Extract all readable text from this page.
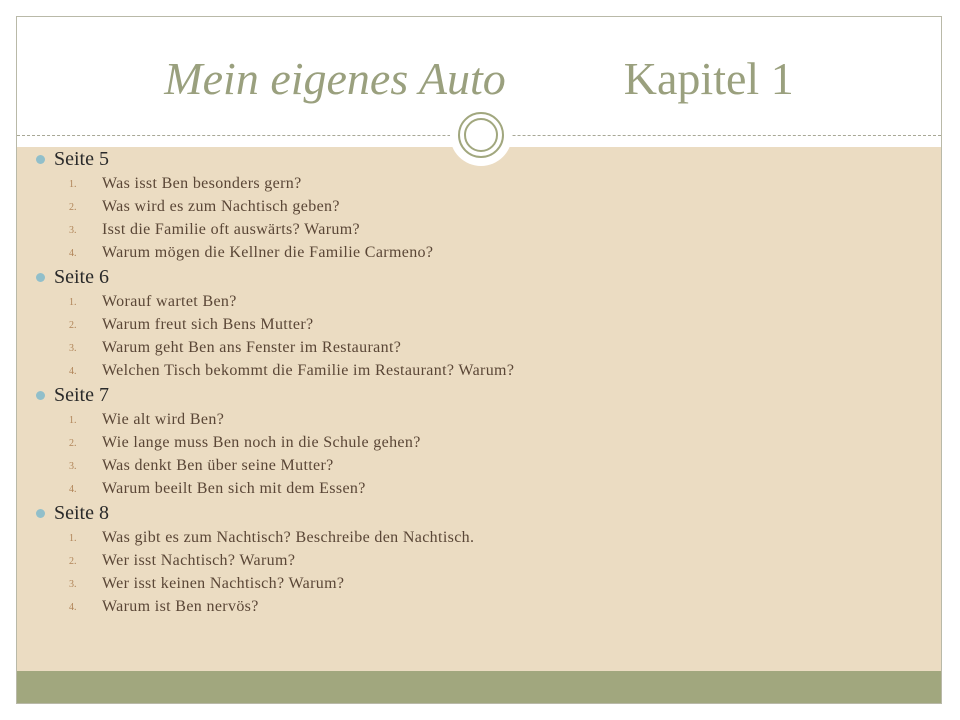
Mein eigenes Auto	Kapitel 1
Seite 5
1. Was isst Ben besonders gern?
2. Was wird es zum Nachtisch geben?
3. Isst die Familie oft auswärts? Warum?
4. Warum mögen die Kellner die Familie Carmeno?
Seite 6
1. Worauf wartet Ben?
2. Warum freut sich Bens Mutter?
3. Warum geht Ben ans Fenster im Restaurant?
4. Welchen Tisch bekommt die Familie im Restaurant? Warum?
Seite 7
1. Wie alt wird Ben?
2. Wie lange muss Ben noch in die Schule gehen?
3. Was denkt Ben über seine Mutter?
4. Warum beeilt Ben sich mit dem Essen?
Seite 8
1. Was gibt es zum Nachtisch? Beschreibe den Nachtisch.
2. Wer isst Nachtisch? Warum?
3. Wer isst keinen Nachtisch? Warum?
4. Warum ist Ben nervös?
